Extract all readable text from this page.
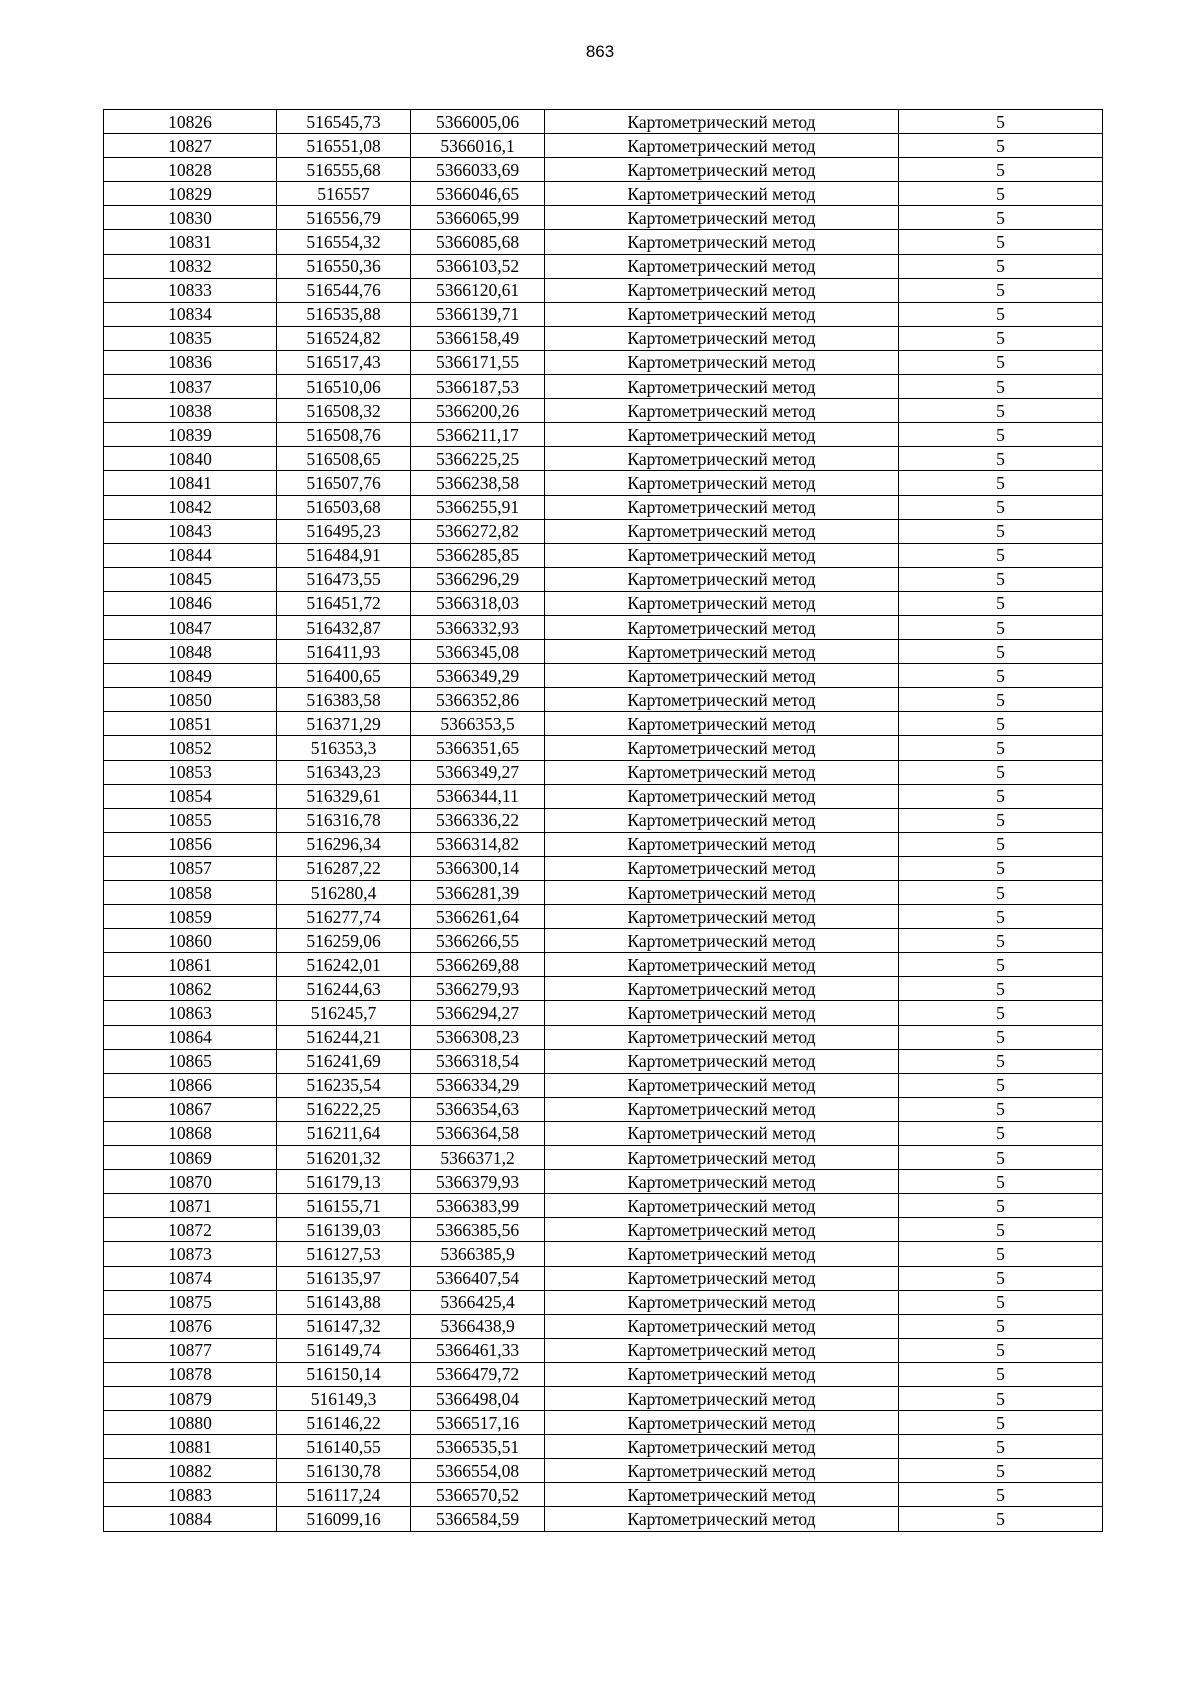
863
10826	516545,73	5366005,06	Картометрический метод	5
10827	516551,08	5366016,1	Картометрический метод	5
10828	516555,68	5366033,69	Картометрический метод	5
10829	516557	5366046,65	Картометрический метод	5
10830	516556,79	5366065,99	Картометрический метод	5
10831	516554,32	5366085,68	Картометрический метод	5
10832	516550,36	5366103,52	Картометрический метод	5
10833	516544,76	5366120,61	Картометрический метод	5
10834	516535,88	5366139,71	Картометрический метод	5
10835	516524,82	5366158,49	Картометрический метод	5
10836	516517,43	5366171,55	Картометрический метод	5
10837	516510,06	5366187,53	Картометрический метод	5
10838	516508,32	5366200,26	Картометрический метод	5
10839	516508,76	5366211,17	Картометрический метод	5
10840	516508,65	5366225,25	Картометрический метод	5
10841	516507,76	5366238,58	Картометрический метод	5
10842	516503,68	5366255,91	Картометрический метод	5
10843	516495,23	5366272,82	Картометрический метод	5
10844	516484,91	5366285,85	Картометрический метод	5
10845	516473,55	5366296,29	Картометрический метод	5
10846	516451,72	5366318,03	Картометрический метод	5
10847	516432,87	5366332,93	Картометрический метод	5
10848	516411,93	5366345,08	Картометрический метод	5
10849	516400,65	5366349,29	Картометрический метод	5
10850	516383,58	5366352,86	Картометрический метод	5
10851	516371,29	5366353,5	Картометрический метод	5
10852	516353,3	5366351,65	Картометрический метод	5
10853	516343,23	5366349,27	Картометрический метод	5
10854	516329,61	5366344,11	Картометрический метод	5
10855	516316,78	5366336,22	Картометрический метод	5
10856	516296,34	5366314,82	Картометрический метод	5
10857	516287,22	5366300,14	Картометрический метод	5
10858	516280,4	5366281,39	Картометрический метод	5
10859	516277,74	5366261,64	Картометрический метод	5
10860	516259,06	5366266,55	Картометрический метод	5
10861	516242,01	5366269,88	Картометрический метод	5
10862	516244,63	5366279,93	Картометрический метод	5
10863	516245,7	5366294,27	Картометрический метод	5
10864	516244,21	5366308,23	Картометрический метод	5
10865	516241,69	5366318,54	Картометрический метод	5
10866	516235,54	5366334,29	Картометрический метод	5
10867	516222,25	5366354,63	Картометрический метод	5
10868	516211,64	5366364,58	Картометрический метод	5
10869	516201,32	5366371,2	Картометрический метод	5
10870	516179,13	5366379,93	Картометрический метод	5
10871	516155,71	5366383,99	Картометрический метод	5
10872	516139,03	5366385,56	Картометрический метод	5
10873	516127,53	5366385,9	Картометрический метод	5
10874	516135,97	5366407,54	Картометрический метод	5
10875	516143,88	5366425,4	Картометрический метод	5
10876	516147,32	5366438,9	Картометрический метод	5
10877	516149,74	5366461,33	Картометрический метод	5
10878	516150,14	5366479,72	Картометрический метод	5
10879	516149,3	5366498,04	Картометрический метод	5
10880	516146,22	5366517,16	Картометрический метод	5
10881	516140,55	5366535,51	Картометрический метод	5
10882	516130,78	5366554,08	Картометрический метод	5
10883	516117,24	5366570,52	Картометрический метод	5
10884	516099,16	5366584,59	Картометрический метод	5
